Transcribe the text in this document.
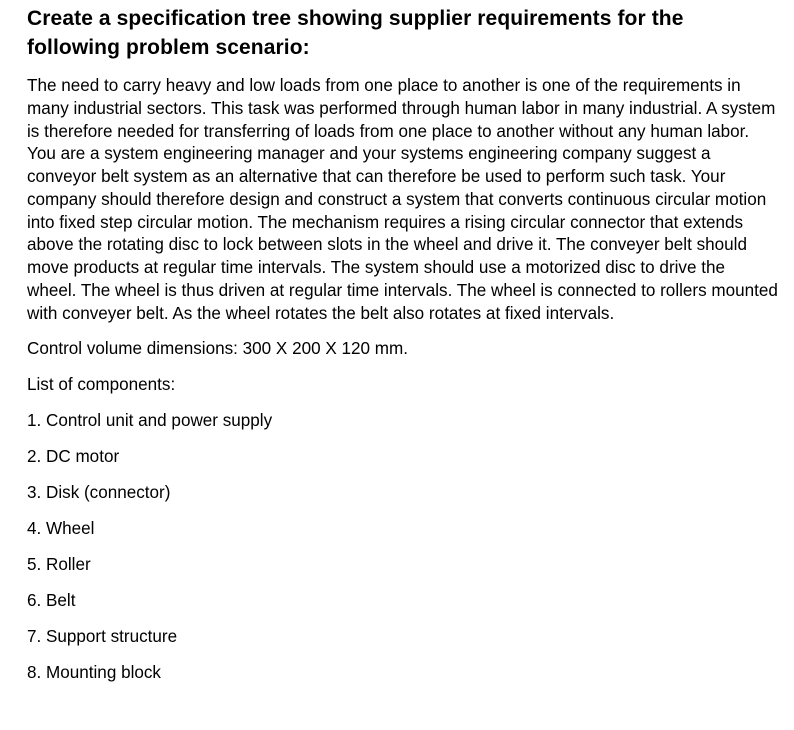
Create a specification tree showing supplier requirements for the following problem scenario:

The need to carry heavy and low loads from one place to another is one of the requirements in many industrial sectors. This task was performed through human labor in many industrial. A system is therefore needed for transferring of loads from one place to another without any human labor. You are a system engineering manager and your systems engineering company suggest a conveyor belt system as an alternative that can therefore be used to perform such task. Your company should therefore design and construct a system that converts continuous circular motion into fixed step circular motion. The mechanism requires a rising circular connector that extends above the rotating disc to lock between slots in the wheel and drive it. The conveyer belt should move products at regular time intervals. The system should use a motorized disc to drive the wheel. The wheel is thus driven at regular time intervals. The wheel is connected to rollers mounted with conveyer belt. As the wheel rotates the belt also rotates at fixed intervals.

Control volume dimensions: 300 X 200 X 120 mm.

List of components:

1. Control unit and power supply
2. DC motor
3. Disk (connector)
4. Wheel
5. Roller
6. Belt
7. Support structure
8. Mounting block
